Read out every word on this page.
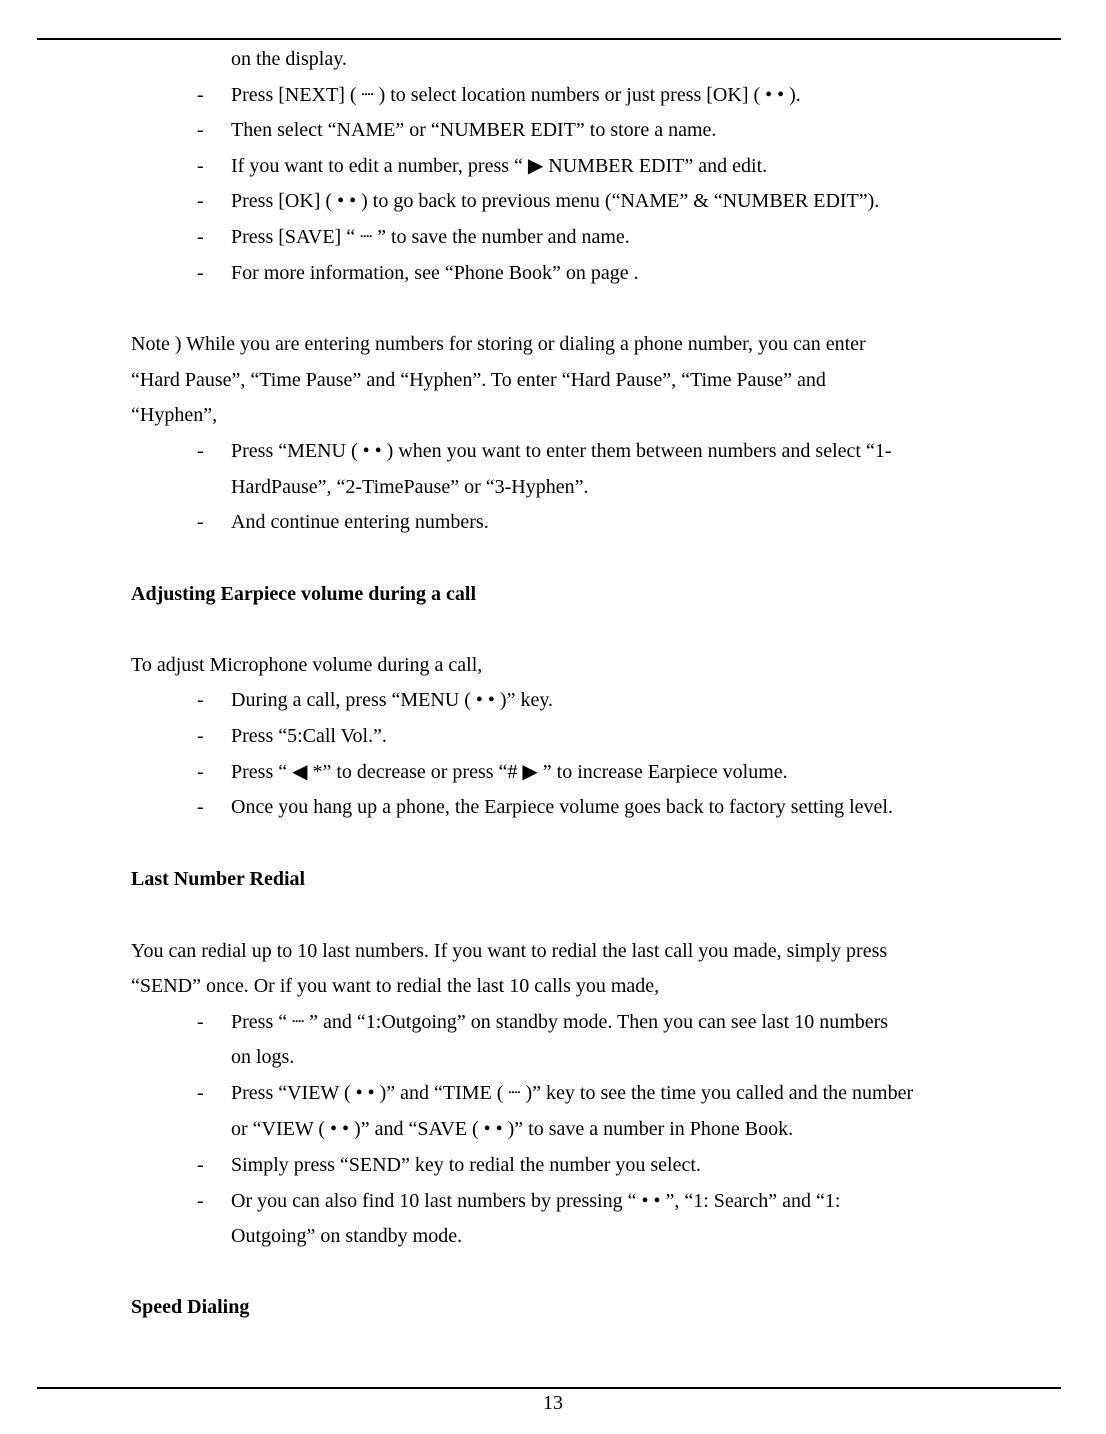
on the display.
- Press [NEXT] ( ┈ ) to select location numbers or just press [OK] ( • • ).
- Then select “NAME” or “NUMBER EDIT” to store a name.
- If you want to edit a number, press “ ▶ NUMBER EDIT” and edit.
- Press [OK] ( • • ) to go back to previous menu (“NAME” & “NUMBER EDIT”).
- Press [SAVE] “ ┈ ” to save the number and name.
- For more information, see “Phone Book” on page .
Note ) While you are entering numbers for storing or dialing a phone number, you can enter
“Hard Pause”, “Time Pause” and “Hyphen”. To enter “Hard Pause”, “Time Pause” and
“Hyphen”,
- Press “MENU ( • • ) when you want to enter them between numbers and select “1-
HardPause”, “2-TimePause” or “3-Hyphen”.
- And continue entering numbers.
Adjusting Earpiece volume during a call
To adjust Microphone volume during a call,
- During a call, press “MENU ( • • )” key.
- Press “5:Call Vol.”.
- Press “ ◀ *” to decrease or press “# ▶ ” to increase Earpiece volume.
- Once you hang up a phone, the Earpiece volume goes back to factory setting level.
Last Number Redial
You can redial up to 10 last numbers. If you want to redial the last call you made, simply press
“SEND” once. Or if you want to redial the last 10 calls you made,
- Press “ ┈ ” and “1:Outgoing” on standby mode. Then you can see last 10 numbers
on logs.
- Press “VIEW ( • • )” and “TIME ( ┈ )” key to see the time you called and the number
or “VIEW ( • • )” and “SAVE ( • • )” to save a number in Phone Book.
- Simply press “SEND” key to redial the number you select.
- Or you can also find 10 last numbers by pressing “ • • ”, “1: Search” and “1:
Outgoing” on standby mode.
Speed Dialing
13
